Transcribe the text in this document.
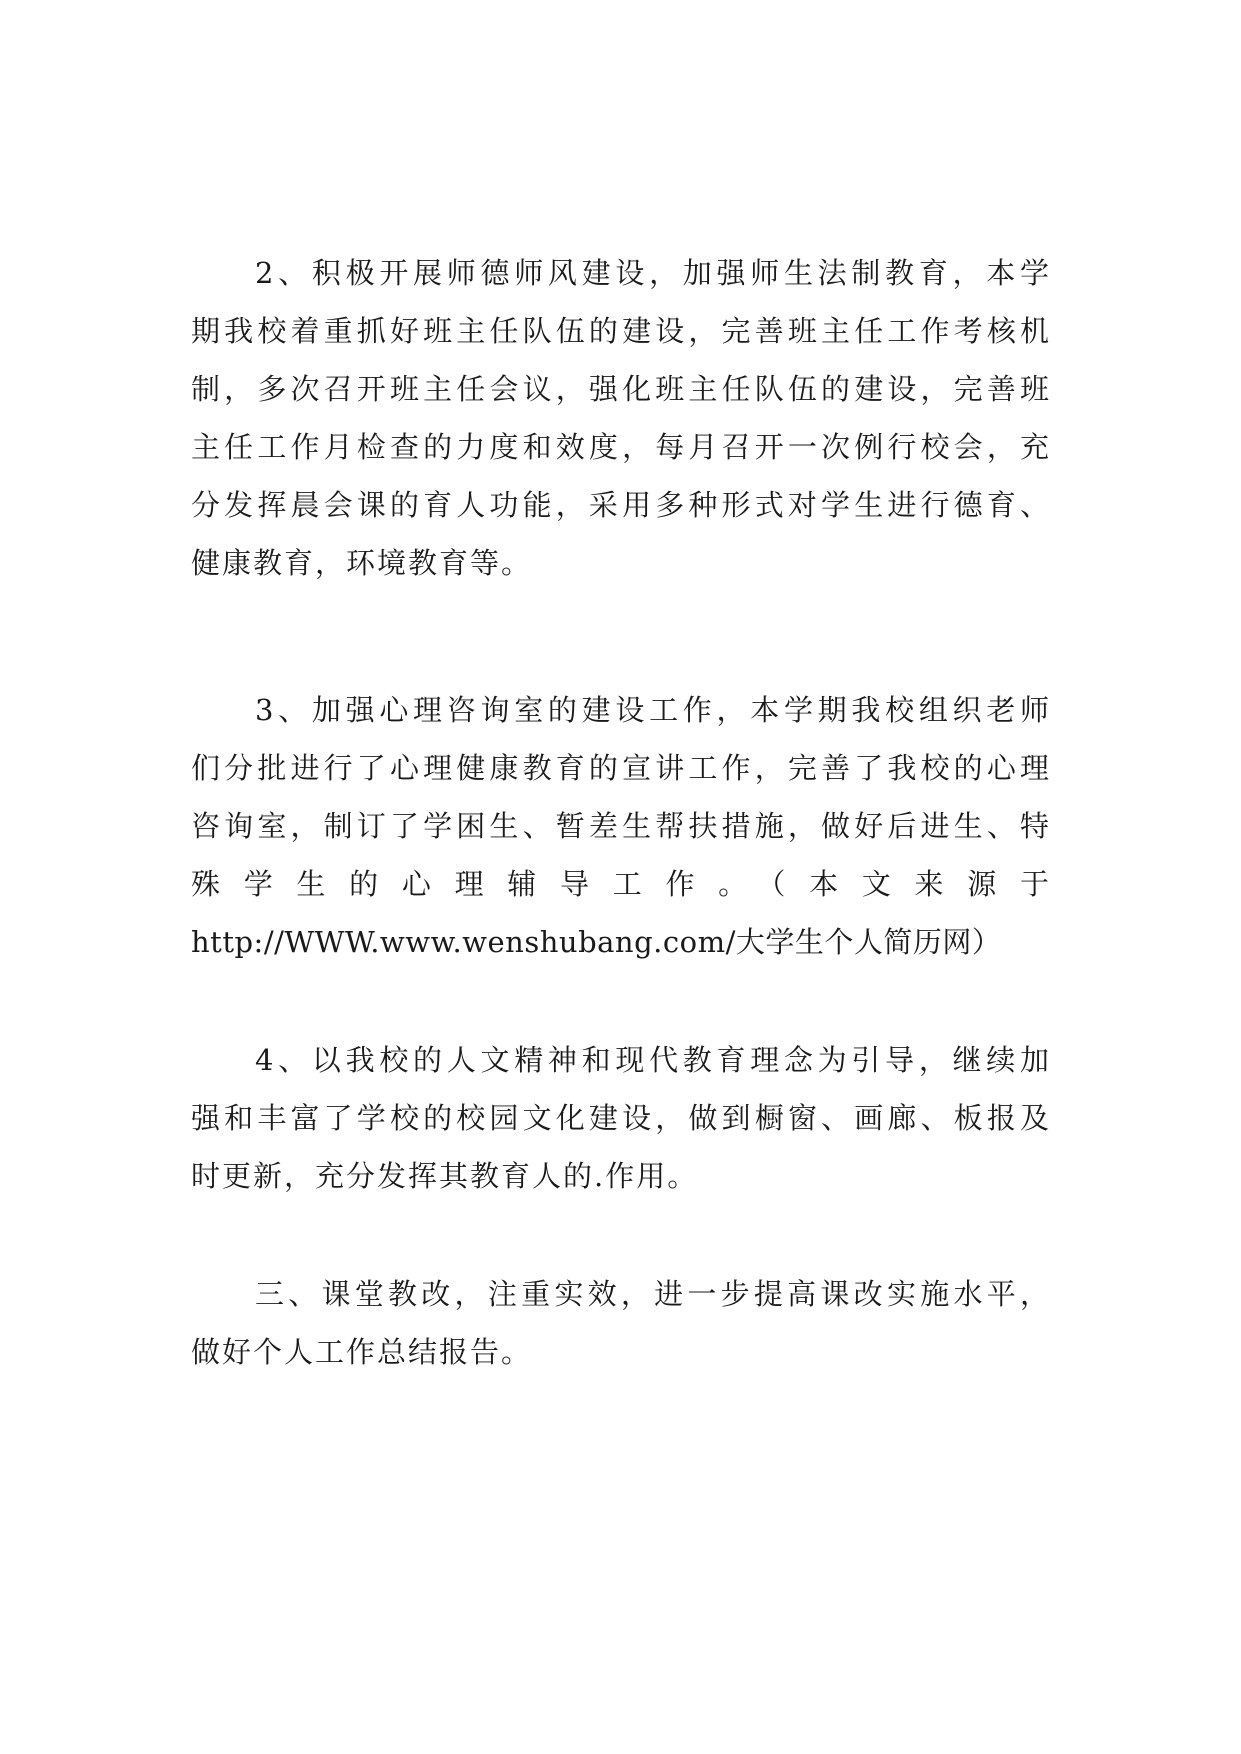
2、积极开展师德师风建设，加强师生法制教育，本学
期我校着重抓好班主任队伍的建设，完善班主任工作考核机
制，多次召开班主任会议，强化班主任队伍的建设，完善班
主任工作月检查的力度和效度，每月召开一次例行校会，充
分发挥晨会课的育人功能，采用多种形式对学生进行德育、
健康教育，环境教育等。
3、加强心理咨询室的建设工作，本学期我校组织老师
们分批进行了心理健康教育的宣讲工作，完善了我校的心理
咨询室，制订了学困生、暂差生帮扶措施，做好后进生、特
殊学生的心理辅导工作。（本文来源于
http://WWW.www.wenshubang.com/大学生个人简历网）
4、以我校的人文精神和现代教育理念为引导，继续加
强和丰富了学校的校园文化建设，做到橱窗、画廊、板报及
时更新，充分发挥其教育人的.作用。
三、课堂教改，注重实效，进一步提高课改实施水平，
做好个人工作总结报告。
